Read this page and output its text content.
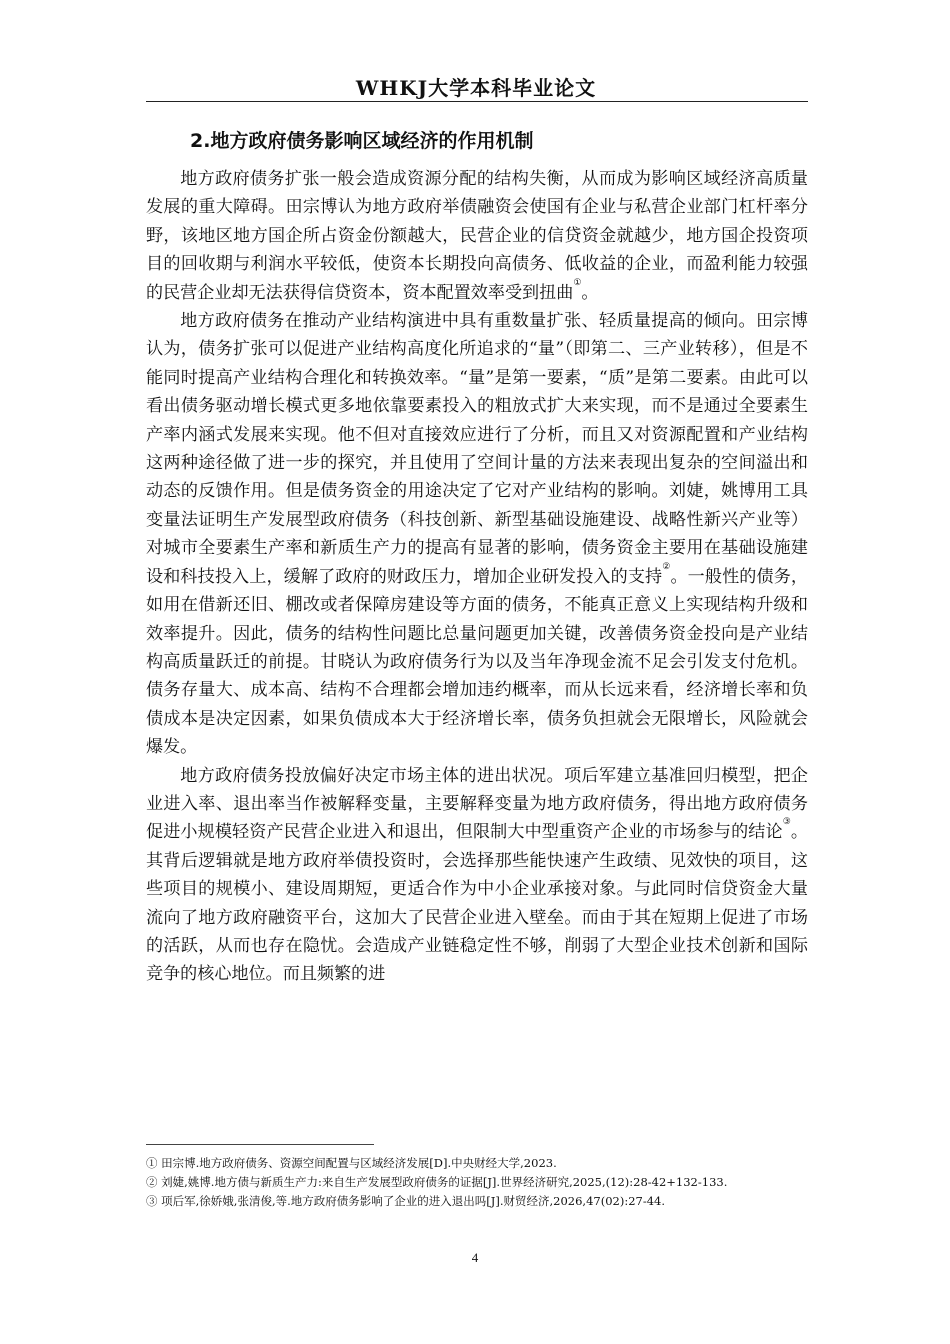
WHKJ大学本科毕业论文
2.地方政府债务影响区域经济的作用机制

地方政府债务扩张一般会造成资源分配的结构失衡，从而成为影响区域经济高质量发展的重大障碍。田宗博认为地方政府举债融资会使国有企业与私营企业部门杠杆率分野，该地区地方国企所占资金份额越大，民营企业的信贷资金就越少，地方国企投资项目的回收期与利润水平较低，使资本长期投向高债务、低收益的企业，而盈利能力较强的民营企业却无法获得信贷资本，资本配置效率受到扭曲①。

地方政府债务在推动产业结构演进中具有重数量扩张、轻质量提高的倾向。田宗博认为，债务扩张可以促进产业结构高度化所追求的“量”（即第二、三产业转移），但是不能同时提高产业结构合理化和转换效率。“量”是第一要素，“质”是第二要素。由此可以看出债务驱动增长模式更多地依靠要素投入的粗放式扩大来实现，而不是通过全要素生产率内涵式发展来实现。他不但对直接效应进行了分析，而且又对资源配置和产业结构这两种途径做了进一步的探究，并且使用了空间计量的方法来表现出复杂的空间溢出和动态的反馈作用。但是债务资金的用途决定了它对产业结构的影响。刘婕，姚博用工具变量法证明生产发展型政府债务（科技创新、新型基础设施建设、战略性新兴产业等）对城市全要素生产率和新质生产力的提高有显著的影响，债务资金主要用在基础设施建设和科技投入上，缓解了政府的财政压力，增加企业研发投入的支持②。一般性的债务，如用在借新还旧、棚改或者保障房建设等方面的债务，不能真正意义上实现结构升级和效率提升。因此，债务的结构性问题比总量问题更加关键，改善债务资金投向是产业结构高质量跃迁的前提。甘晓认为政府债务行为以及当年净现金流不足会引发支付危机。债务存量大、成本高、结构不合理都会增加违约概率，而从长远来看，经济增长率和负债成本是决定因素，如果负债成本大于经济增长率，债务负担就会无限增长，风险就会爆发。

地方政府债务投放偏好决定市场主体的进出状况。项后军建立基准回归模型，把企业进入率、退出率当作被解释变量，主要解释变量为地方政府债务，得出地方政府债务促进小规模轻资产民营企业进入和退出，但限制大中型重资产企业的市场参与的结论③。其背后逻辑就是地方政府举债投资时，会选择那些能快速产生政绩、见效快的项目，这些项目的规模小、建设周期短，更适合作为中小企业承接对象。与此同时信贷资金大量流向了地方政府融资平台，这加大了民营企业进入壁垒。而由于其在短期上促进了市场的活跃，从而也存在隐忧。会造成产业链稳定性不够，削弱了大型企业技术创新和国际竞争的核心地位。而且频繁的进

① 田宗博.地方政府债务、资源空间配置与区域经济发展[D].中央财经大学,2023.

② 刘婕,姚博.地方债与新质生产力:来自生产发展型政府债务的证据[J].世界经济研究,2025,(12):28-42+132-133.

③ 项后军,徐娇娥,张清俊,等.地方政府债务影响了企业的进入退出吗[J].财贸经济,2026,47(02):27-44.

4
